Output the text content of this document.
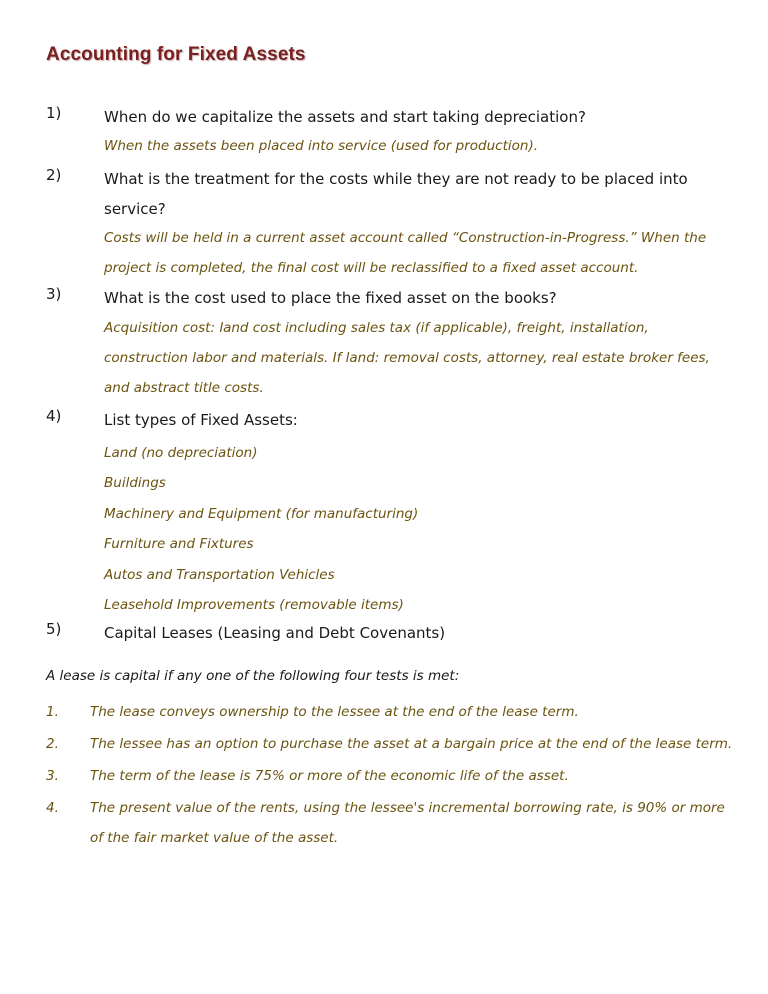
Accounting for Fixed Assets
1)	When do we capitalize the assets and start taking depreciation?
When the assets been placed into service (used for production).
2)	What is the treatment for the costs while they are not ready to be placed into service?
Costs will be held in a current asset account called “Construction-in-Progress.” When the project is completed, the final cost will be reclassified to a fixed asset account.
3)	What is the cost used to place the fixed asset on the books?
Acquisition cost: land cost including sales tax (if applicable), freight, installation, construction labor and materials. If land: removal costs, attorney, real estate broker fees, and abstract title costs.
4)	List types of Fixed Assets:
Land (no depreciation)
Buildings
Machinery and Equipment (for manufacturing)
Furniture and Fixtures
Autos and Transportation Vehicles
Leasehold Improvements (removable items)
5)	Capital Leases (Leasing and Debt Covenants)
A lease is capital if any one of the following four tests is met:
1.	The lease conveys ownership to the lessee at the end of the lease term.
2.	The lessee has an option to purchase the asset at a bargain price at the end of the lease term.
3.	The term of the lease is 75% or more of the economic life of the asset.
4.	The present value of the rents, using the lessee's incremental borrowing rate, is 90% or more of the fair market value of the asset.
